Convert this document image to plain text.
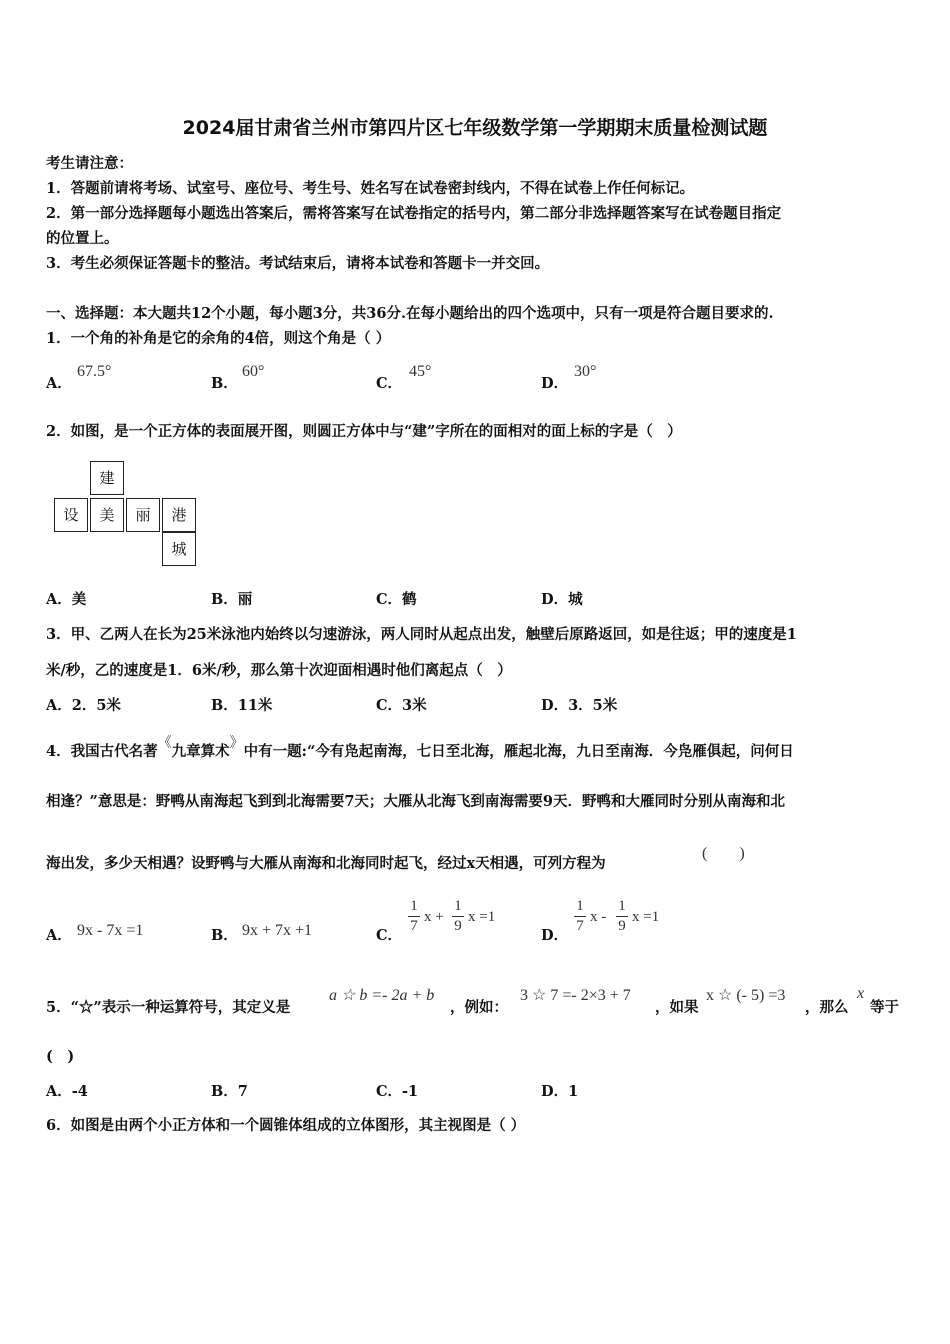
2024届甘肃省兰州市第四片区七年级数学第一学期期末质量检测试题
考生请注意：
1．答题前请将考场、试室号、座位号、考生号、姓名写在试卷密封线内，不得在试卷上作任何标记。
2．第一部分选择题每小题选出答案后，需将答案写在试卷指定的括号内，第二部分非选择题答案写在试卷题目指定
的位置上。
3．考生必须保证答题卡的整洁。考试结束后，请将本试卷和答题卡一并交回。
一、选择题：本大题共12个小题，每小题3分，共36分.在每小题给出的四个选项中，只有一项是符合题目要求的.
1．一个角的补角是它的余角的4倍，则这个角是（ ）
A．
67.5°
B．
60°
C．
45°
D．
30°
2．如图，是一个正方体的表面展开图，则圆正方体中与“建”字所在的面相对的面上标的字是（　）
建
设	美	丽	港
城
A．美	B．丽	C．鹤	D．城
3．甲、乙两人在长为25米泳池内始终以匀速游泳，两人同时从起点出发，触壁后原路返回，如是往返；甲的速度是1
米/秒，乙的速度是1．6米/秒，那么第十次迎面相遇时他们离起点（　）
A．2．5米	B．11米	C．3米	D．3．5米
4．我国古代名著《九章算术》中有一题:“今有凫起南海，七日至北海，雁起北海，九日至南海．今凫雁俱起，问何日
相逢？”意思是：野鸭从南海起飞到到北海需要7天；大雁从北海飞到南海需要9天．野鸭和大雁同时分别从南海和北
海出发，多少天相遇？设野鸭与大雁从南海和北海同时起飞，经过x天相遇，可列方程为
(　　)
A． 9x - 7x =1	B． 9x + 7x +1	C．
1
7
x +
1
9
x =1
D．
1
7
x -
1
9
x =1
5．“☆”表示一种运算符号，其定义是
a ☆ b =- 2a + b
，例如：
3 ☆ 7 =- 2×3 + 7
，如果
x ☆ (- 5) =3
，那么
x
等于
(　)
A．-4	B．7	C．-1	D．1
6．如图是由两个小正方体和一个圆锥体组成的立体图形，其主视图是（ ）
